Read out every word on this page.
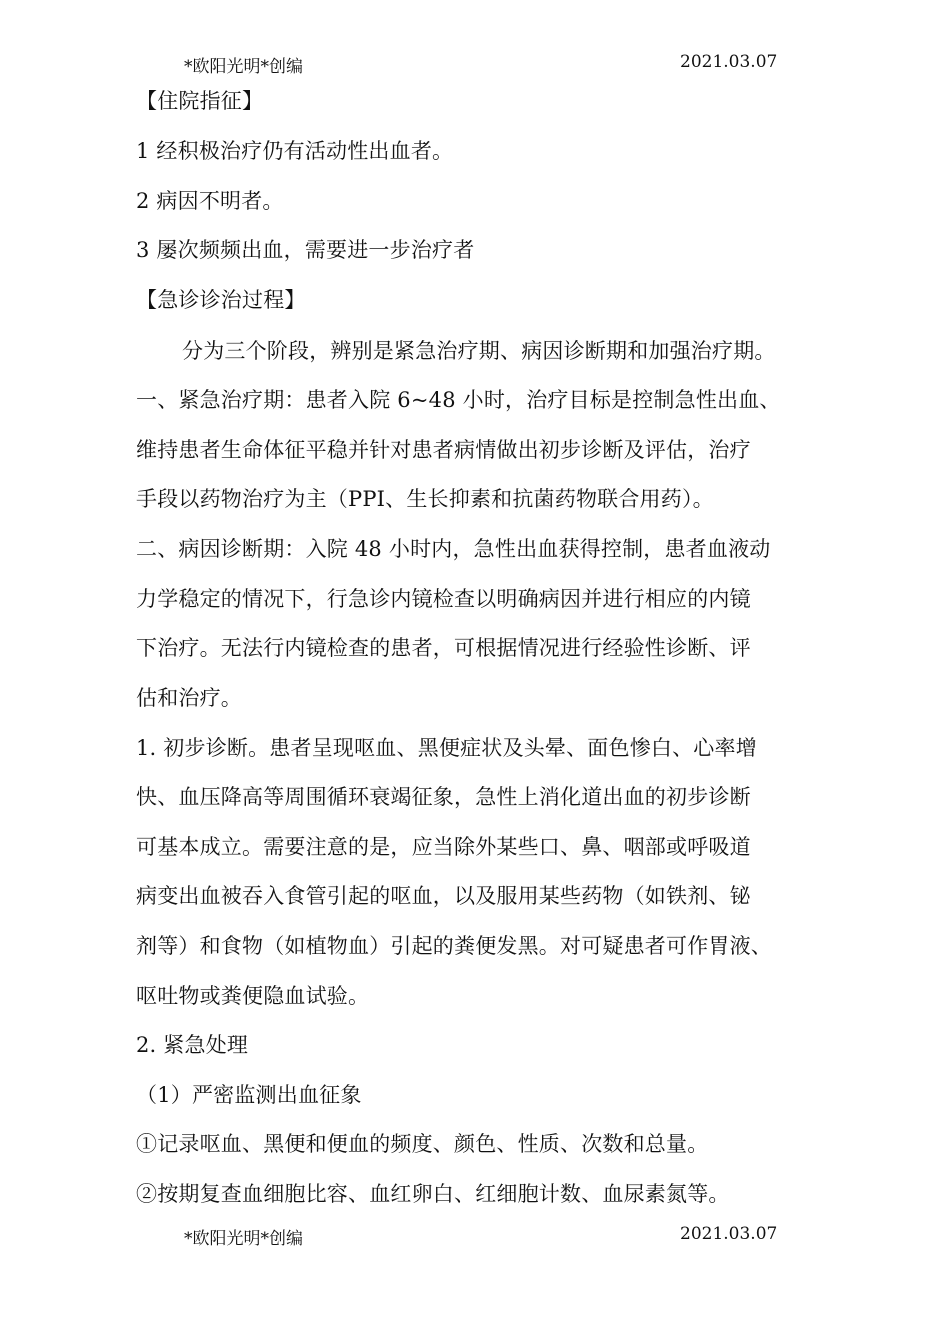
*欧阳光明*创编	2021.03.07
【住院指征】
1 经积极治疗仍有活动性出血者。
2 病因不明者。
3 屡次频频出血，需要进一步治疗者
【急诊诊治过程】
分为三个阶段，辨别是紧急治疗期、病因诊断期和加强治疗期。
一、紧急治疗期：患者入院 6~48 小时，治疗目标是控制急性出血、
维持患者生命体征平稳并针对患者病情做出初步诊断及评估，治疗
手段以药物治疗为主（PPI、生长抑素和抗菌药物联合用药）。
二、病因诊断期：入院 48 小时内，急性出血获得控制，患者血液动
力学稳定的情况下，行急诊内镜检查以明确病因并进行相应的内镜
下治疗。无法行内镜检查的患者，可根据情况进行经验性诊断、评
估和治疗。
1. 初步诊断。患者呈现呕血、黑便症状及头晕、面色惨白、心率增
快、血压降高等周围循环衰竭征象，急性上消化道出血的初步诊断
可基本成立。需要注意的是，应当除外某些口、鼻、咽部或呼吸道
病变出血被吞入食管引起的呕血，以及服用某些药物（如铁剂、铋
剂等）和食物（如植物血）引起的粪便发黑。对可疑患者可作胃液、
呕吐物或粪便隐血试验。
2. 紧急处理
（1）严密监测出血征象
①记录呕血、黑便和便血的频度、颜色、性质、次数和总量。
②按期复查血细胞比容、血红卵白、红细胞计数、血尿素氮等。
*欧阳光明*创编	2021.03.07
